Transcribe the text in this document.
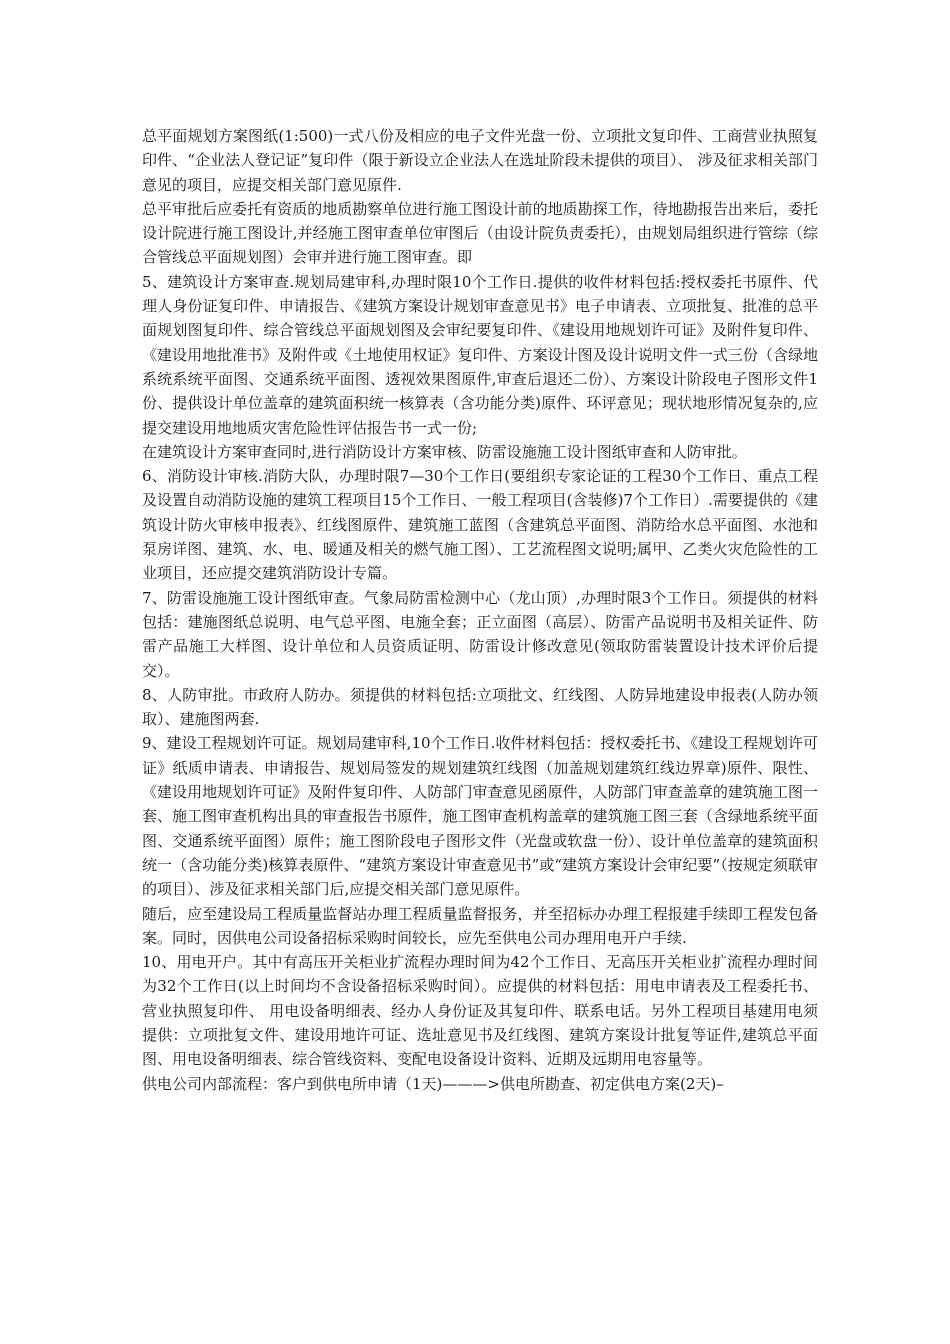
总平面规划方案图纸(1:500)一式八份及相应的电子文件光盘一份、立项批文复印件、工商营业执照复印件、“企业法人登记证”复印件（限于新设立企业法人在选址阶段未提供的项目）、 涉及征求相关部门意见的项目，应提交相关部门意见原件.

总平审批后应委托有资质的地质勘察单位进行施工图设计前的地质勘探工作，待地勘报告出来后，委托设计院进行施工图设计,并经施工图审查单位审图后（由设计院负责委托），由规划局组织进行管综（综合管线总平面规划图）会审并进行施工图审查。即

5、建筑设计方案审查.规划局建审科,办理时限10个工作日.提供的收件材料包括:授权委托书原件、代理人身份证复印件、申请报告、《建筑方案设计规划审查意见书》电子申请表、立项批复、批准的总平面规划图复印件、综合管线总平面规划图及会审纪要复印件、《建设用地规划许可证》及附件复印件、《建设用地批准书》及附件或《土地使用权证》复印件、方案设计图及设计说明文件一式三份（含绿地系统系统平面图、交通系统平面图、透视效果图原件,审查后退还二份）、方案设计阶段电子图形文件1份、提供设计单位盖章的建筑面积统一核算表（含功能分类)原件、环评意见；现状地形情况复杂的,应提交建设用地地质灾害危险性评估报告书一式一份;

在建筑设计方案审查同时,进行消防设计方案审核、防雷设施施工设计图纸审查和人防审批。

6、消防设计审核.消防大队，办理时限7—30个工作日(要组织专家论证的工程30个工作日、重点工程及设置自动消防设施的建筑工程项目15个工作日、一般工程项目(含装修)7个工作日）.需要提供的《建筑设计防火审核申报表》、红线图原件、建筑施工蓝图（含建筑总平面图、消防给水总平面图、水池和泵房详图、建筑、水、电、暖通及相关的燃气施工图）、工艺流程图文说明;属甲、乙类火灾危险性的工业项目，还应提交建筑消防设计专篇。

7、防雷设施施工设计图纸审查。气象局防雷检测中心（龙山顶）,办理时限3个工作日。须提供的材料包括：建施图纸总说明、电气总平图、电施全套；正立面图（高层）、防雷产品说明书及相关证件、防雷产品施工大样图、设计单位和人员资质证明、防雷设计修改意见(领取防雷装置设计技术评价后提交）。

8、人防审批。市政府人防办。须提供的材料包括:立项批文、红线图、人防异地建设申报表(人防办领取）、建施图两套.

9、建设工程规划许可证。规划局建审科,10个工作日.收件材料包括：授权委托书、《建设工程规划许可证》纸质申请表、申请报告、规划局签发的规划建筑红线图（加盖规划建筑红线边界章)原件、限性、《建设用地规划许可证》及附件复印件、人防部门审查意见函原件，人防部门审查盖章的建筑施工图一套、施工图审查机构出具的审查报告书原件，施工图审查机构盖章的建筑施工图三套（含绿地系统平面图、交通系统平面图）原件；施工图阶段电子图形文件（光盘或软盘一份）、设计单位盖章的建筑面积统一（含功能分类)核算表原件、“建筑方案设计审查意见书”或“建筑方案设计会审纪要”（按规定须联审的项目）、涉及征求相关部门后,应提交相关部门意见原件。

随后，应至建设局工程质量监督站办理工程质量监督报务，并至招标办办理工程报建手续即工程发包备案。同时，因供电公司设备招标采购时间较长，应先至供电公司办理用电开户手续.

10、用电开户。其中有高压开关柜业扩流程办理时间为42个工作日、无高压开关柜业扩流程办理时间为32个工作日(以上时间均不含设备招标采购时间）。应提供的材料包括：用电申请表及工程委托书、营业执照复印件、 用电设备明细表、经办人身份证及其复印件、联系电话。另外工程项目基建用电须提供：立项批复文件、建设用地许可证、选址意见书及红线图、建筑方案设计批复等证件,建筑总平面图、用电设备明细表、综合管线资料、变配电设备设计资料、近期及远期用电容量等。

供电公司内部流程：客户到供电所申请（1天)———>供电所勘查、初定供电方案(2天)–
